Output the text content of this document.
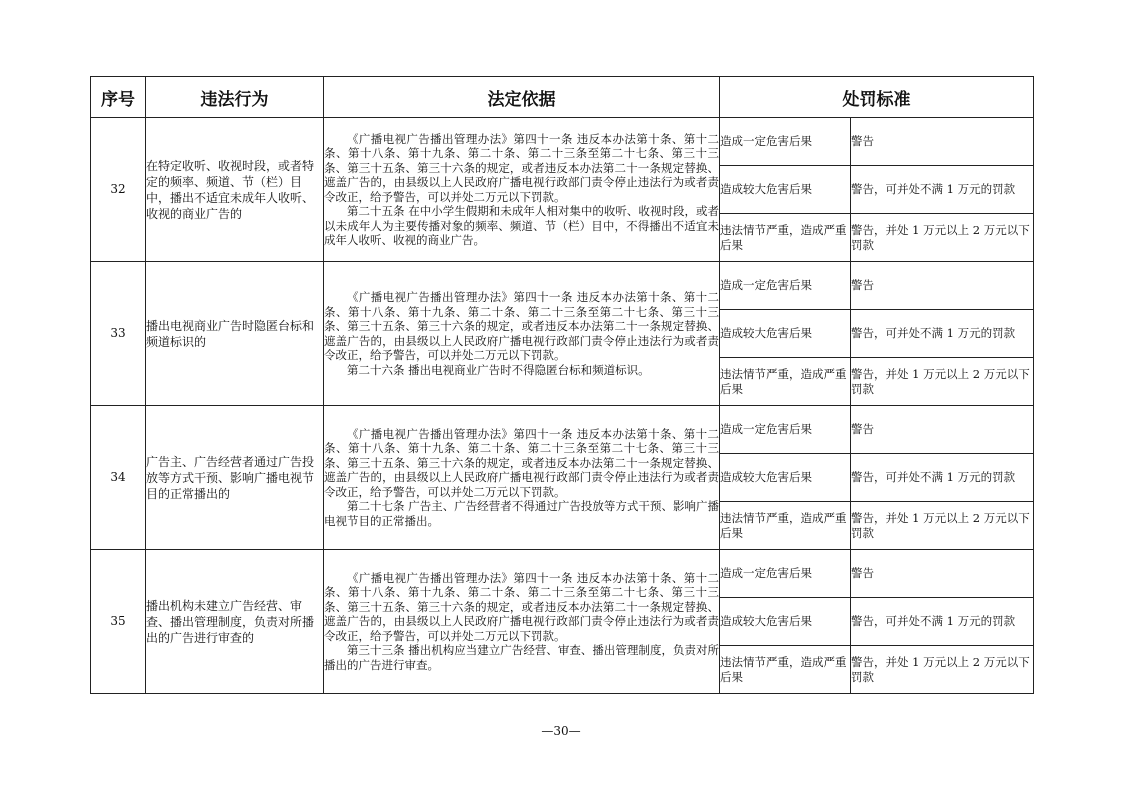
序号	违法行为	法定依据	处罚标准	
32	在特定收听、收视时段，或者特定的频率、频道、节（栏）目中，播出不适宜未成年人收听、收视的商业广告的	《广播电视广告播出管理办法》第四十一条 违反本办法第十条、第十二条、第十八条、第十九条、第二十条、第二十三条至第二十七条、第三十三条、第三十五条、第三十六条的规定，或者违反本办法第二十一条规定替换、遮盖广告的，由县级以上人民政府广播电视行政部门责令停止违法行为或者责令改正，给予警告，可以并处二万元以下罚款。

第二十五条 在中小学生假期和未成年人相对集中的收听、收视时段，或者以未成年人为主要传播对象的频率、频道、节（栏）目中，不得播出不适宜未成年人收听、收视的商业广告。	造成一定危害后果	警告
			造成较大危害后果	警告，可并处不满 1 万元的罚款
			违法情节严重，造成严重后果	警告，并处 1 万元以上 2 万元以下罚款
33	播出电视商业广告时隐匿台标和频道标识的	《广播电视广告播出管理办法》第四十一条 违反本办法第十条、第十二条、第十八条、第十九条、第二十条、第二十三条至第二十七条、第三十三条、第三十五条、第三十六条的规定，或者违反本办法第二十一条规定替换、遮盖广告的，由县级以上人民政府广播电视行政部门责令停止违法行为或者责令改正，给予警告，可以并处二万元以下罚款。

第二十六条 播出电视商业广告时不得隐匿台标和频道标识。	造成一定危害后果	警告
			造成较大危害后果	警告，可并处不满 1 万元的罚款
			违法情节严重，造成严重后果	警告，并处 1 万元以上 2 万元以下罚款
34	广告主、广告经营者通过广告投放等方式干预、影响广播电视节目的正常播出的	《广播电视广告播出管理办法》第四十一条 违反本办法第十条、第十二条、第十八条、第十九条、第二十条、第二十三条至第二十七条、第三十三条、第三十五条、第三十六条的规定，或者违反本办法第二十一条规定替换、遮盖广告的，由县级以上人民政府广播电视行政部门责令停止违法行为或者责令改正，给予警告，可以并处二万元以下罚款。

第二十七条 广告主、广告经营者不得通过广告投放等方式干预、影响广播电视节目的正常播出。	造成一定危害后果	警告
			造成较大危害后果	警告，可并处不满 1 万元的罚款
			违法情节严重，造成严重后果	警告，并处 1 万元以上 2 万元以下罚款
35	播出机构未建立广告经营、审查、播出管理制度，负责对所播出的广告进行审查的	《广播电视广告播出管理办法》第四十一条 违反本办法第十条、第十二条、第十八条、第十九条、第二十条、第二十三条至第二十七条、第三十三条、第三十五条、第三十六条的规定，或者违反本办法第二十一条规定替换、遮盖广告的，由县级以上人民政府广播电视行政部门责令停止违法行为或者责令改正，给予警告，可以并处二万元以下罚款。

第三十三条 播出机构应当建立广告经营、审查、播出管理制度，负责对所播出的广告进行审查。	造成一定危害后果	警告
			造成较大危害后果	警告，可并处不满 1 万元的罚款
			违法情节严重，造成严重后果	警告，并处 1 万元以上 2 万元以下罚款
—30—
